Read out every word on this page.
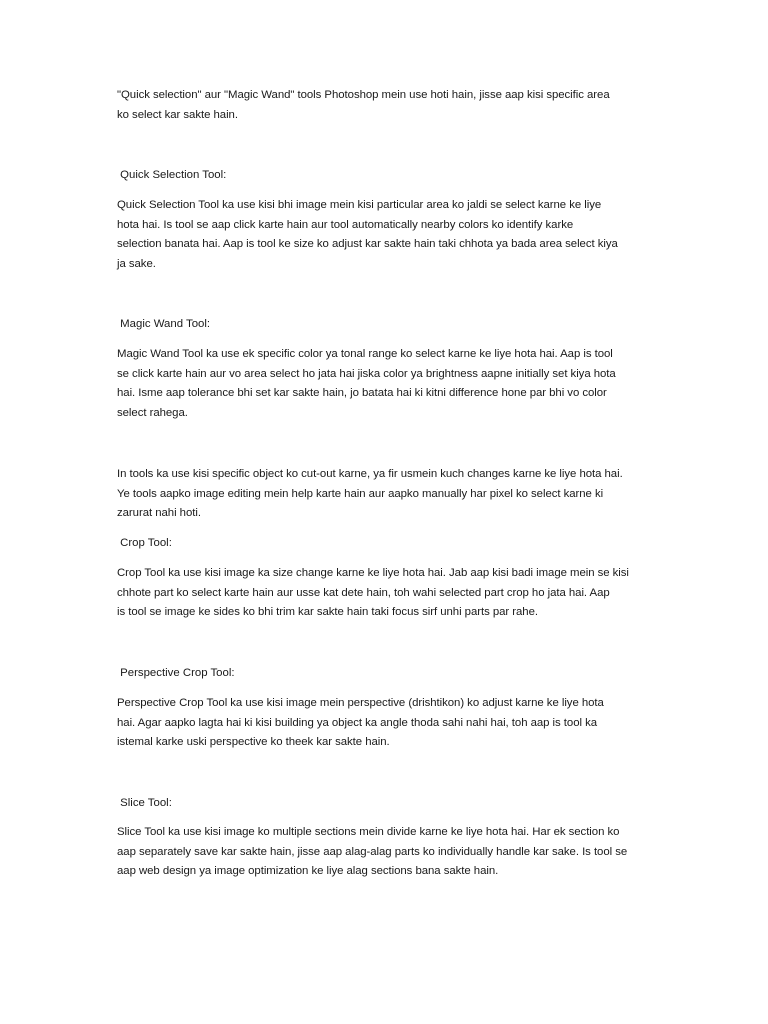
"Quick selection" aur "Magic Wand" tools Photoshop mein use hoti hain, jisse aap kisi specific area
ko select kar sakte hain.

Quick Selection Tool:

Quick Selection Tool ka use kisi bhi image mein kisi particular area ko jaldi se select karne ke liye
hota hai. Is tool se aap click karte hain aur tool automatically nearby colors ko identify karke
selection banata hai. Aap is tool ke size ko adjust kar sakte hain taki chhota ya bada area select kiya
ja sake.

Magic Wand Tool:

Magic Wand Tool ka use ek specific color ya tonal range ko select karne ke liye hota hai. Aap is tool
se click karte hain aur vo area select ho jata hai jiska color ya brightness aapne initially set kiya hota
hai. Isme aap tolerance bhi set kar sakte hain, jo batata hai ki kitni difference hone par bhi vo color
select rahega.

In tools ka use kisi specific object ko cut-out karne, ya fir usmein kuch changes karne ke liye hota hai.
Ye tools aapko image editing mein help karte hain aur aapko manually har pixel ko select karne ki
zarurat nahi hoti.

Crop Tool:

Crop Tool ka use kisi image ka size change karne ke liye hota hai. Jab aap kisi badi image mein se kisi
chhote part ko select karte hain aur usse kat dete hain, toh wahi selected part crop ho jata hai. Aap
is tool se image ke sides ko bhi trim kar sakte hain taki focus sirf unhi parts par rahe.

Perspective Crop Tool:

Perspective Crop Tool ka use kisi image mein perspective (drishtikon) ko adjust karne ke liye hota
hai. Agar aapko lagta hai ki kisi building ya object ka angle thoda sahi nahi hai, toh aap is tool ka
istemal karke uski perspective ko theek kar sakte hain.

Slice Tool:

Slice Tool ka use kisi image ko multiple sections mein divide karne ke liye hota hai. Har ek section ko
aap separately save kar sakte hain, jisse aap alag-alag parts ko individually handle kar sake. Is tool se
aap web design ya image optimization ke liye alag sections bana sakte hain.
